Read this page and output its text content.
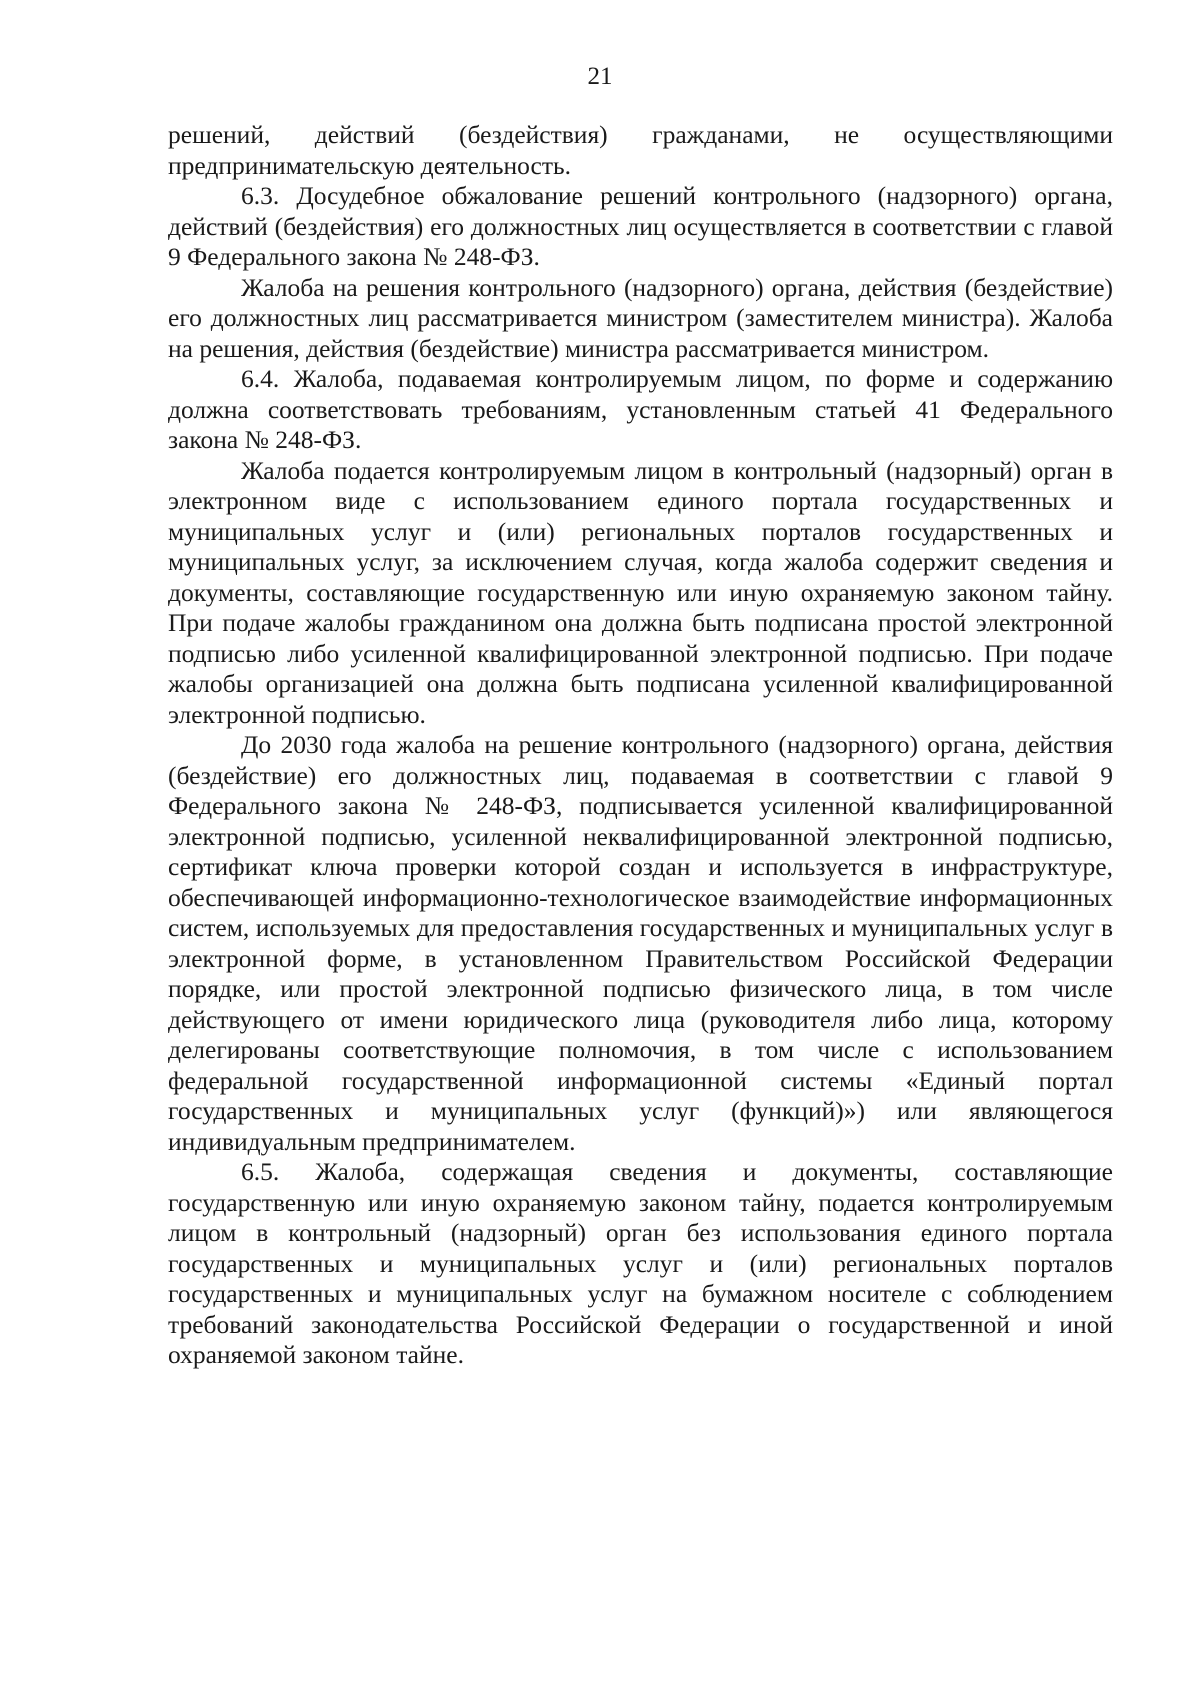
21

решений, действий (бездействия) гражданами, не осуществляющими предпринимательскую деятельность.

6.3. Досудебное обжалование решений контрольного (надзорного) органа, действий (бездействия) его должностных лиц осуществляется в соответствии с главой 9 Федерального закона № 248-ФЗ.

Жалоба на решения контрольного (надзорного) органа, действия (бездействие) его должностных лиц рассматривается министром (заместителем министра). Жалоба на решения, действия (бездействие) министра рассматривается министром.

6.4. Жалоба, подаваемая контролируемым лицом, по форме и содержанию должна соответствовать требованиям, установленным статьей 41 Федерального закона № 248-ФЗ.

Жалоба подается контролируемым лицом в контрольный (надзорный) орган в электронном виде с использованием единого портала государственных и муниципальных услуг и (или) региональных порталов государственных и муниципальных услуг, за исключением случая, когда жалоба содержит сведения и документы, составляющие государственную или иную охраняемую законом тайну. При подаче жалобы гражданином она должна быть подписана простой электронной подписью либо усиленной квалифицированной электронной подписью. При подаче жалобы организацией она должна быть подписана усиленной квалифицированной электронной подписью.

До 2030 года жалоба на решение контрольного (надзорного) органа, действия (бездействие) его должностных лиц, подаваемая в соответствии с главой 9 Федерального закона № 248-ФЗ, подписывается усиленной квалифицированной электронной подписью, усиленной неквалифицированной электронной подписью, сертификат ключа проверки которой создан и используется в инфраструктуре, обеспечивающей информационно-технологическое взаимодействие информационных систем, используемых для предоставления государственных и муниципальных услуг в электронной форме, в установленном Правительством Российской Федерации порядке, или простой электронной подписью физического лица, в том числе действующего от имени юридического лица (руководителя либо лица, которому делегированы соответствующие полномочия, в том числе с использованием федеральной государственной информационной системы «Единый портал государственных и муниципальных услуг (функций)») или являющегося индивидуальным предпринимателем.

6.5. Жалоба, содержащая сведения и документы, составляющие государственную или иную охраняемую законом тайну, подается контролируемым лицом в контрольный (надзорный) орган без использования единого портала государственных и муниципальных услуг и (или) региональных порталов государственных и муниципальных услуг на бумажном носителе с соблюдением требований законодательства Российской Федерации о государственной и иной охраняемой законом тайне.
